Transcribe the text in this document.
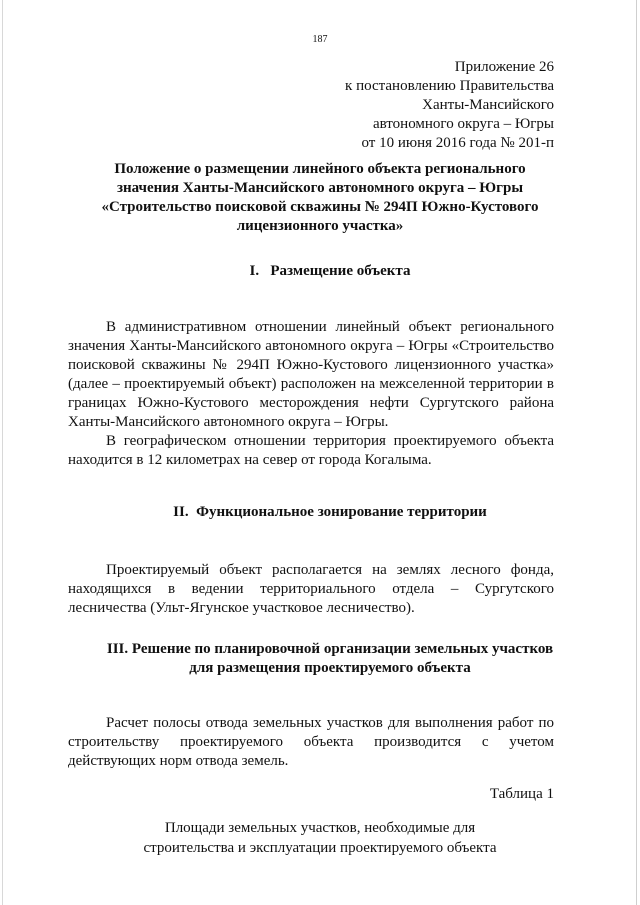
187
Приложение 26
к постановлению Правительства
Ханты-Мансийского
автономного округа – Югры
от 10 июня 2016 года № 201-п
Положение о размещении линейного объекта регионального
значения Ханты-Мансийского автономного округа – Югры
«Строительство поисковой скважины № 294П Южно-Кустового
лицензионного участка»
I.   Размещение объекта

В административном отношении линейный объект регионального значения Ханты-Мансийского автономного округа – Югры «Строительство поисковой скважины № 294П Южно-Кустового лицензионного участка» (далее – проектируемый объект) расположен на межселенной территории в границах Южно-Кустового месторождения нефти Сургутского района Ханты-Мансийского автономного округа – Югры.

В географическом отношении территория проектируемого объекта находится в 12 километрах на север от города Когалыма.

II.  Функциональное зонирование территории

Проектируемый объект располагается на землях лесного фонда, находящихся в ведении территориального отдела – Сургутского лесничества (Ульт-Ягунское участковое лесничество).

III. Решение по планировочной организации земельных участков
для размещения проектируемого объекта

Расчет полосы отвода земельных участков для выполнения работ по строительству проектируемого объекта производится с учетом действующих норм отвода земель.

Таблица 1
Площади земельных участков, необходимые для
строительства и эксплуатации проектируемого объекта
